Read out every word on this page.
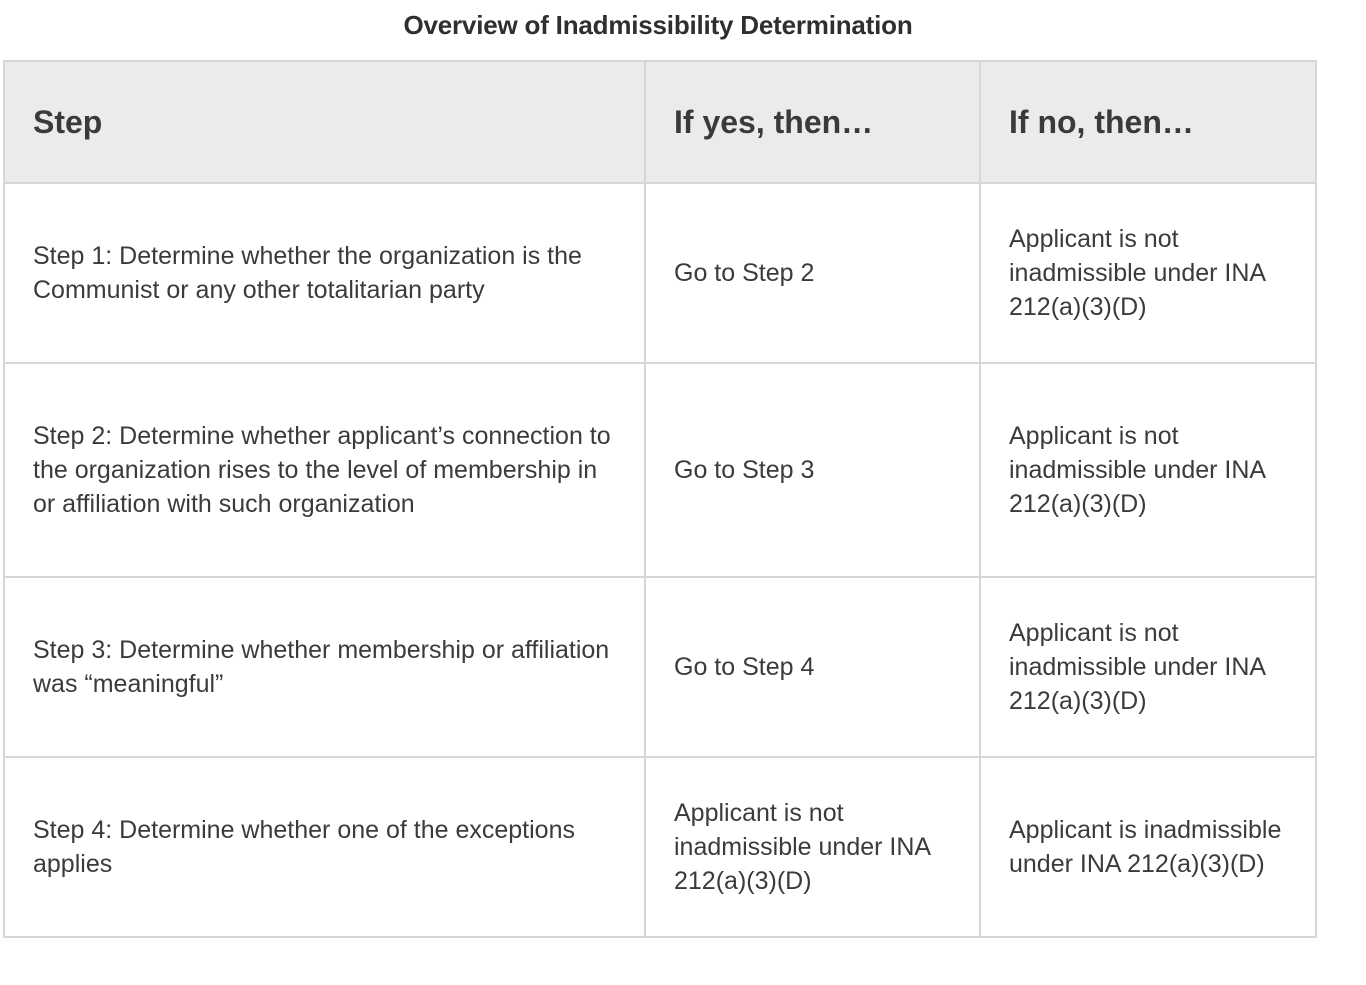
Overview of Inadmissibility Determination
Step	If yes, then…	If no, then…
Step 1: Determine whether the organization is the Communist or any other totalitarian party	Go to Step 2	Applicant is not inadmissible under INA 212(a)(3)(D)
Step 2: Determine whether applicant’s connection to the organization rises to the level of membership in or affiliation with such organization	Go to Step 3	Applicant is not inadmissible under INA 212(a)(3)(D)
Step 3: Determine whether membership or affiliation was “meaningful”	Go to Step 4	Applicant is not inadmissible under INA 212(a)(3)(D)
Step 4: Determine whether one of the exceptions applies	Applicant is not inadmissible under INA 212(a)(3)(D)	Applicant is inadmissible under INA 212(a)(3)(D)
